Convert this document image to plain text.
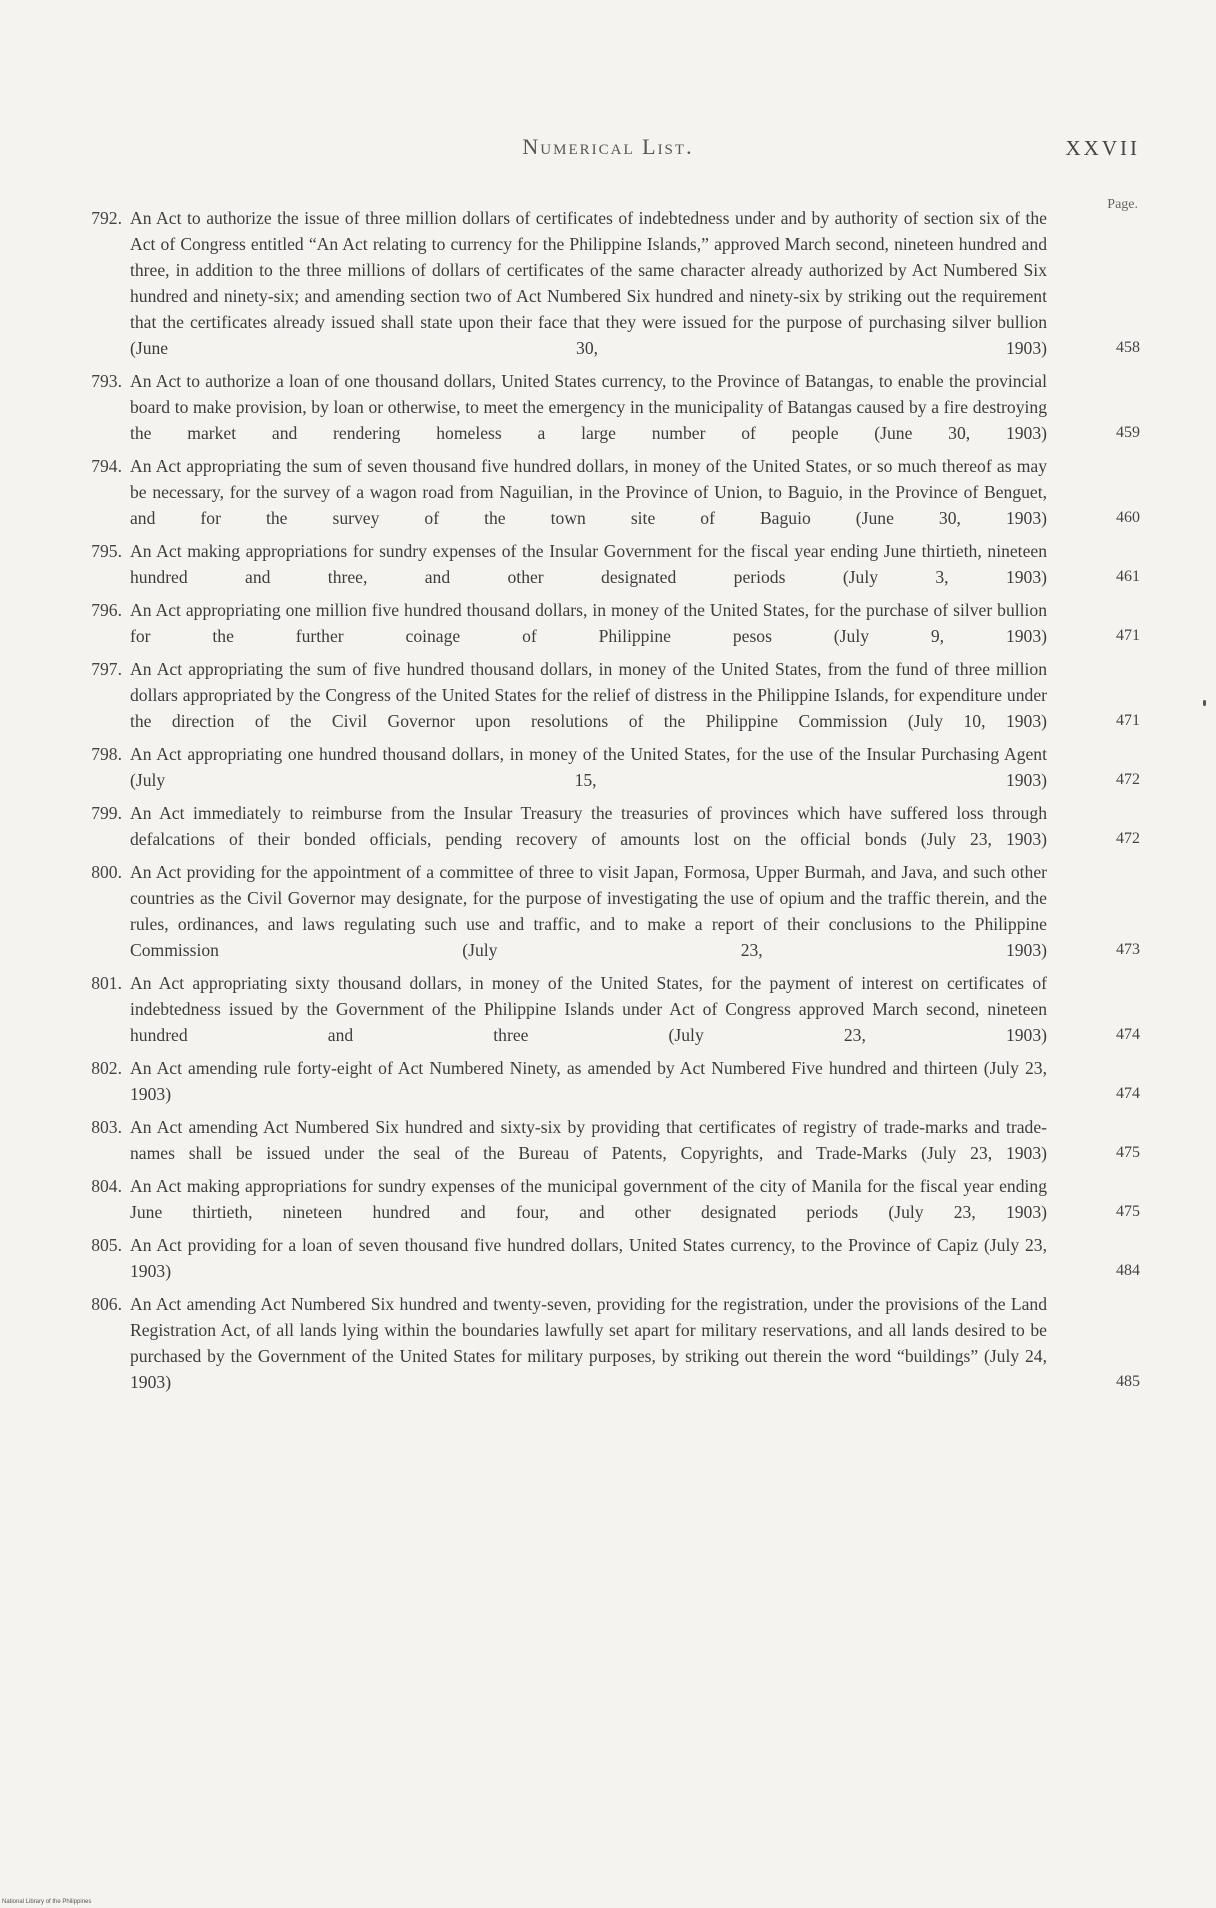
Numerical List.	XXVII
Page.
792. An Act to authorize the issue of three million dollars of certificates of indebtedness under and by authority of section six of the Act of Congress entitled “An Act relating to currency for the Philippine Islands,” approved March second, nineteen hundred and three, in addition to the three millions of dollars of certificates of the same character already authorized by Act Numbered Six hundred and ninety-six; and amending section two of Act Numbered Six hundred and ninety-six by striking out the requirement that the certificates already issued shall state upon their face that they were issued for the purpose of purchasing silver bullion (June 30, 1903) .....	458
793. An Act to authorize a loan of one thousand dollars, United States currency, to the Province of Batangas, to enable the provincial board to make provision, by loan or otherwise, to meet the emergency in the municipality of Batangas caused by a fire destroying the market and rendering homeless a large number of people (June 30, 1903) .....	459
794. An Act appropriating the sum of seven thousand five hundred dollars, in money of the United States, or so much thereof as may be necessary, for the survey of a wagon road from Naguilian, in the Province of Union, to Baguio, in the Province of Benguet, and for the survey of the town site of Baguio (June 30, 1903) .....	460
795. An Act making appropriations for sundry expenses of the Insular Government for the fiscal year ending June thirtieth, nineteen hundred and three, and other designated periods (July 3, 1903) .....	461
796. An Act appropriating one million five hundred thousand dollars, in money of the United States, for the purchase of silver bullion for the further coinage of Philippine pesos (July 9, 1903) .....	471
797. An Act appropriating the sum of five hundred thousand dollars, in money of the United States, from the fund of three million dollars appropriated by the Congress of the United States for the relief of distress in the Philippine Islands, for expenditure under the direction of the Civil Governor upon resolutions of the Philippine Commission (July 10, 1903) .....	471
798. An Act appropriating one hundred thousand dollars, in money of the United States, for the use of the Insular Purchasing Agent (July 15, 1903) .....	472
799. An Act immediately to reimburse from the Insular Treasury the treasuries of provinces which have suffered loss through defalcations of their bonded officials, pending recovery of amounts lost on the official bonds (July 23, 1903) .....	472
800. An Act providing for the appointment of a committee of three to visit Japan, Formosa, Upper Burmah, and Java, and such other countries as the Civil Governor may designate, for the purpose of investigating the use of opium and the traffic therein, and the rules, ordinances, and laws regulating such use and traffic, and to make a report of their conclusions to the Philippine Commission (July 23, 1903) .....	473
801. An Act appropriating sixty thousand dollars, in money of the United States, for the payment of interest on certificates of indebtedness issued by the Government of the Philippine Islands under Act of Congress approved March second, nineteen hundred and three (July 23, 1903) .....	474
802. An Act amending rule forty-eight of Act Numbered Ninety, as amended by Act Numbered Five hundred and thirteen (July 23, 1903) .....	474
803. An Act amending Act Numbered Six hundred and sixty-six by providing that certificates of registry of trade-marks and trade-names shall be issued under the seal of the Bureau of Patents, Copyrights, and Trade-Marks (July 23, 1903) .....	475
804. An Act making appropriations for sundry expenses of the municipal government of the city of Manila for the fiscal year ending June thirtieth, nineteen hundred and four, and other designated periods (July 23, 1903) .....	475
805. An Act providing for a loan of seven thousand five hundred dollars, United States currency, to the Province of Capiz (July 23, 1903) .....	484
806. An Act amending Act Numbered Six hundred and twenty-seven, providing for the registration, under the provisions of the Land Registration Act, of all lands lying within the boundaries lawfully set apart for military reservations, and all lands desired to be purchased by the Government of the United States for military purposes, by striking out therein the word “buildings” (July 24, 1903) .....	485
National Library of the Philippines
